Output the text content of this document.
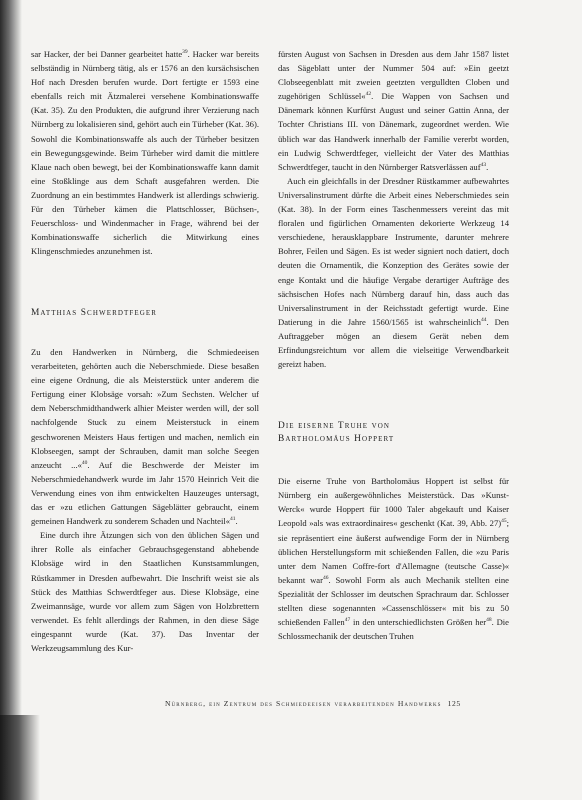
sar Hacker, der bei Danner gearbeitet hatte$^{39}$. Hacker war bereits selbständig in Nürnberg tätig, als er 1576 an den kursächsischen Hof nach Dresden berufen wurde. Dort fertigte er 1593 eine ebenfalls reich mit Ätzmalerei versehene Kombinationswaffe (Kat. 35). Zu den Produkten, die aufgrund ihrer Verzierung nach Nürnberg zu lokalisieren sind, gehört auch ein Türheber (Kat. 36). Sowohl die Kombinationswaffe als auch der Türheber besitzen ein Bewegungsgewinde. Beim Türheber wird damit die mittlere Klaue nach oben bewegt, bei der Kombinationswaffe kann damit eine Stoßklinge aus dem Schaft ausgefahren werden. Die Zuordnung an ein bestimmtes Handwerk ist allerdings schwierig. Für den Türheber kämen die Plattschlosser, Büchsen-, Feuerschloss- und Windenmacher in Frage, während bei der Kombinationswaffe sicherlich die Mitwirkung eines Klingenschmiedes anzunehmen ist.

Matthias Schwerdtfeger

Zu den Handwerken in Nürnberg, die Schmiedeeisen verarbeiteten, gehörten auch die Neberschmiede. Diese besaßen eine eigene Ordnung, die als Meisterstück unter anderem die Fertigung einer Klobsäge vorsah: »Zum Sechsten. Welcher uf dem Neberschmidthandwerk alhier Meister werden will, der soll nachfolgende Stuck zu einem Meisterstuck in einem geschworenen Meisters Haus fertigen und machen, nemlich ein Klobseegen, sampt der Schrauben, damit man solche Seegen anzeucht ...«$^{40}$. Auf die Beschwerde der Meister im Neberschmiedehandwerk wurde im Jahr 1570 Heinrich Veit die Verwendung eines von ihm entwickelten Hauzeuges untersagt, das er »zu etlichen Gattungen Sägeblätter gebraucht, einem gemeinen Handwerk zu sonderem Schaden und Nachteil«$^{41}$.

Eine durch ihre Ätzungen sich von den üblichen Sägen und ihrer Rolle als einfacher Gebrauchsgegenstand abhebende Klobsäge wird in den Staatlichen Kunstsammlungen, Rüstkammer in Dresden aufbewahrt. Die Inschrift weist sie als Stück des Matthias Schwerdtfeger aus. Diese Klobsäge, eine Zweimannsäge, wurde vor allem zum Sägen von Holzbrettern verwendet. Es fehlt allerdings der Rahmen, in den diese Säge eingespannt wurde (Kat. 37). Das Inventar der Werkzeugsammlung des Kur-

fürsten August von Sachsen in Dresden aus dem Jahr 1587 listet das Sägeblatt unter der Nummer 504 auf: »Ein geetzt Clobseegenblatt mit zweien geetzten vergulldten Cloben und zugehörigen Schlüssel«$^{42}$. Die Wappen von Sachsen und Dänemark können Kurfürst August und seiner Gattin Anna, der Tochter Christians III. von Dänemark, zugeordnet werden. Wie üblich war das Handwerk innerhalb der Familie vererbt worden, ein Ludwig Schwerdtfeger, vielleicht der Vater des Matthias Schwerdtfeger, taucht in den Nürnberger Ratsverlässen auf$^{43}$.

Auch ein gleichfalls in der Dresdner Rüstkammer aufbewahrtes Universalinstrument dürfte die Arbeit eines Neberschmiedes sein (Kat. 38). In der Form eines Taschenmessers vereint das mit floralen und figürlichen Ornamenten dekorierte Werkzeug 14 verschiedene, herausklappbare Instrumente, darunter mehrere Bohrer, Feilen und Sägen. Es ist weder signiert noch datiert, doch deuten die Ornamentik, die Konzeption des Gerätes sowie der enge Kontakt und die häufige Vergabe derartiger Aufträge des sächsischen Hofes nach Nürnberg darauf hin, dass auch das Universalinstrument in der Reichsstadt gefertigt wurde. Eine Datierung in die Jahre 1560/1565 ist wahrscheinlich$^{44}$. Den Auftraggeber mögen an diesem Gerät neben dem Erfindungsreichtum vor allem die vielseitige Verwendbarkeit gereizt haben.

Die eiserne Truhe von
Bartholomäus Hoppert

Die eiserne Truhe von Bartholomäus Hoppert ist selbst für Nürnberg ein außergewöhnliches Meisterstück. Das »Kunst-Werck« wurde Hoppert für 1000 Taler abgekauft und Kaiser Leopold »als was extraordinaires« geschenkt (Kat. 39, Abb. 27)$^{45}$; sie repräsentiert eine äußerst aufwendige Form der in Nürnberg üblichen Herstellungsform mit schießenden Fallen, die »zu Paris unter dem Namen Coffre-fort d'Allemagne (teutsche Casse)« bekannt war$^{46}$. Sowohl Form als auch Mechanik stellten eine Spezialität der Schlosser im deutschen Sprachraum dar. Schlosser stellten diese sogenannten »Cassenschlösser« mit bis zu 50 schießenden Fallen$^{47}$ in den unterschiedlichsten Größen her$^{48}$. Die Schlossmechanik der deutschen Truhen

Nürnberg, ein Zentrum des Schmiedeeisen verarbeitenden Handwerks 125
